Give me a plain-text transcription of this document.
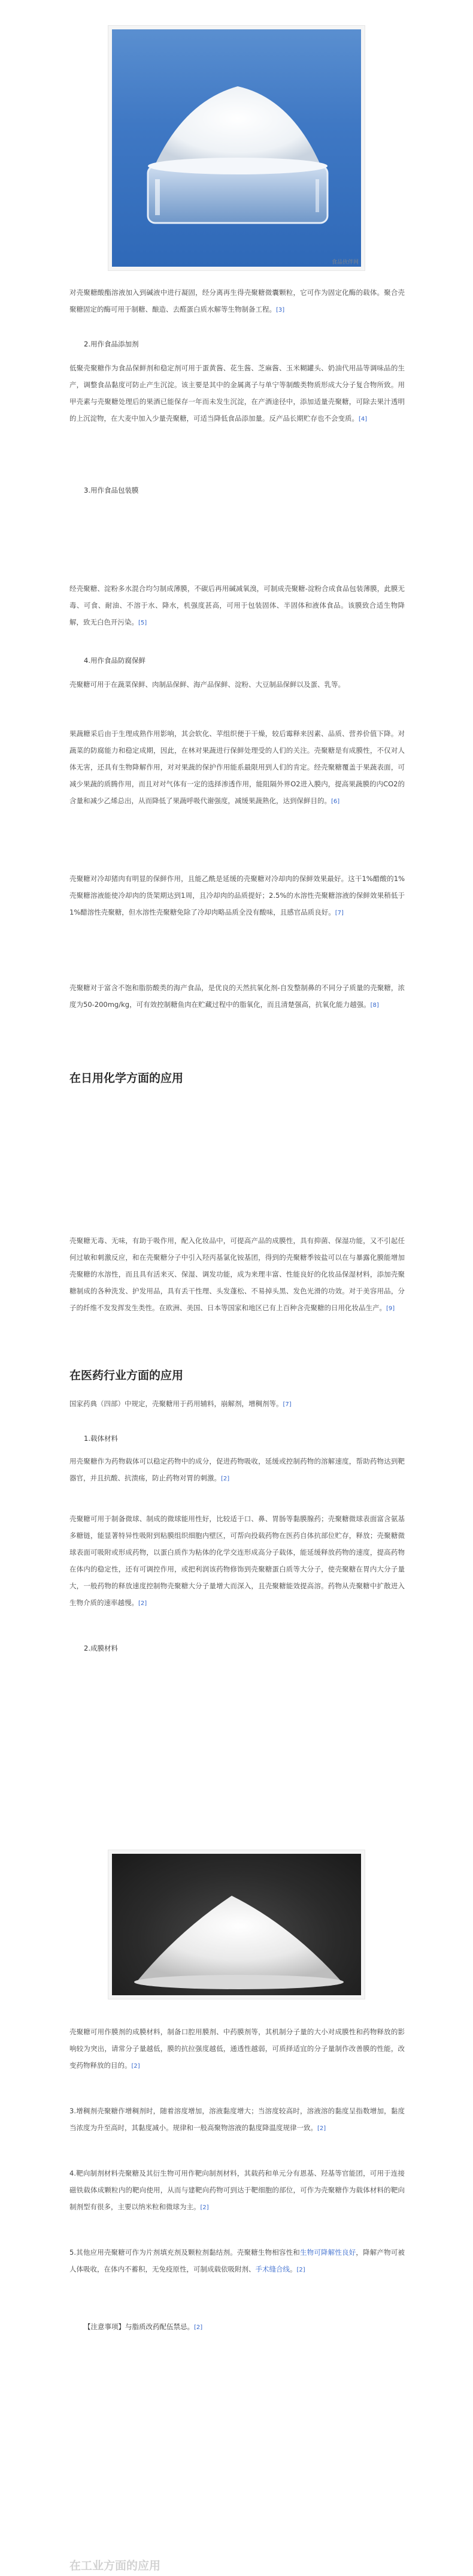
食品伙伴网

对壳聚糖酸酯溶液加入到碱液中进行凝固，经分离再生得壳聚糖微囊颗粒，它可作为固定化酶的载体。聚合壳聚糖固定的酶可用于制糖、酿造、去醛蛋白质水解等生物制备工程。[3]

2.用作食品添加剂

低聚壳聚糖作为食品保鲜剂和稳定剂可用于蛋黄酱、花生酱、芝麻酱、玉米糊罐头、奶油代用品等调味品的生产，调整食品黏度可防止产生沉淀。该主要是其中的金属离子与单宁等制酸类物质形成大分子复合物所致。用甲壳素与壳聚糖处理后的果酒已能保存一年而未发生沉淀，在产酒途径中，添加适量壳聚糖，可除去果汁透明的上沉淀物，在大麦中加入少量壳聚糖，可适当降低食品添加量。反产品长期贮存也不会变质。[4]

3.用作食品包装膜

经壳聚糖、淀粉多水混合均匀制成薄膜，不碳后再用碱减氧溴，可制成壳聚糖-淀粉合成食品包装薄膜，此膜无毒、可食、耐油、不溶于水、降水，机强度甚高，可用于包装固体、半固体和液体食品。该膜致合适生物降解，致无白色开污染。[5]

4.用作食品防腐保鲜

壳聚糖可用于在蔬菜保鲜、肉制品保鲜、海产品保鲜、淀粉、大豆制品保鲜以及蛋、乳等。

果蔬糖采后由于生理成熟作用影响，其会软化、苹组织便于干燥，较后霉释来因素、品质、营养价值下降。对蔬菜的防腐能力和稳定成期，因此，在林对果蔬进行保鲜处理受的人们的关注。壳聚糖是有成膜性，不仅对人体无害，还具有生物降解作用，对对果蔬的保护作用能系最限用到人们的肯定。经壳聚糖覆盖于果蔬表面，可减少果蔬的质腾作用，而且对对气体有一定的选择渗透作用，能阻隔外界O2进入膜内，提高果蔬膜的内CO2的含量和减少乙烯总出，从而降低了果蔬呼吸代谢强度，减缓果蔬熟化，达到保鲜目的。[6]

壳聚糖对冷却猪肉有明显的保鲜作用，且能乙酰是延缓的壳聚糖对冷却肉的保鲜效果最好。这干1%醋酸的1%壳聚糖溶液能使冷却肉的货架期达到1周，且冷却肉的品质提好；2.5%的水溶性壳聚糖溶液的保鲜效果稍低于1%醋溶性壳聚糖，但水溶性壳聚糖免除了冷却肉略品质全没有酸味，且感官品质良好。[7]

壳聚糖对于富含不饱和脂肪酸类的海产食品，是优良的天然抗氧化剂-自发整制鼻的不同分子质量的壳聚糖，浓度为50-200mg/kg，可有效控制糖鱼肉在贮藏过程中的脂氧化，而且清楚强高，抗氧化能力越强。[8]

在日用化学方面的应用

壳聚糖无毒、无味，有助于吸作用，配入化妆品中，可提高产品的成膜性，具有抑菌、保湿功能，又不引起任何过敏和刺激反应，和在壳聚糖分子中引入羟丙基氯化铵基团，得到的壳聚糖季铵盐可以在与暴露化膜能增加壳聚糖的水溶性，而且具有活来灭、保湿、调发功能，成为来理丰富、性能良好的化妆品保湿材料，添加壳聚糖制成的各种洗发、护发用品，具有丢干性理、头发蓬松、不易掉头黑、发色光滑的功效。对于美容用品，分子的纤维不发发挥发生类性。在欧洲、美国、日本等国家和地区已有上百种含壳聚糖的日用化妆品生产。[9]

在医药行业方面的应用

国家药典（四部）中规定，壳聚糖用于药用辅料，崩解剂，增稠剂等。[7]

1.载体材料

用壳聚糖作为药物载体可以稳定药物中的成分，促进药物吸收，延缓或控制药物的溶解速度，帮助药物达到靶器官，并且抗酸、抗溃疡，防止药物对胃的刺激。[2]

壳聚糖可用于制备微球、制成的微球能用性好，比较适于口、鼻、胃肠等黏膜腺药；壳聚糖微球表面富含氨基多糖链，能显著特异性吸附到粘膜组织细胞内壁区，可帮向投载药物在医药自体抗部位贮存，释放；壳聚糖微球表面可吸附或形成药物，以蛋白质作为粘体的化学交连形成高分子载体，能延缓释放药物的速度，提高药物在体内的稳定性，还有可调控作用，或把利润该药物修饰到壳聚糖蛋白质等大分子，使壳聚糖在胃内大分子量大，一般药物的释放速度控制物壳聚糖大分子量增大而深入，且壳聚糖能效提高溶。药物从壳聚糖中扩散进入生物介质的速率越慢。[2]

2.成膜材料

壳聚糖可用作膜剂的成膜材料，制备口腔用膜剂、中药膜剂等，其机制分子量的大小对成膜性和药物释放的影响较为突出，请常分子量越低，膜的抗拉强度越低，通透性越弱，可质择适宜的分子量制作改善膜的性能，改变药物释放的目的。[2]

3.增稠剂壳聚糖作增稠剂时，随着溶度增加，溶液黏度增大；当溶度较高时，溶液溶的黏度呈指数增加，黏度当浓度为升至高时，其黏度减小。规律和一般高聚物溶液的黏度降温度规律一致。[2]

4.靶向制剂材料壳聚糖及其衍生物可用作靶向制剂材料，其载药和单元分有恩基、羟基等官能团，可用于连接磁铁载体成颗粒内的靶向使用，从而与建靶向药物可到达于靶细胞的部位，可作为壳聚糖作为载体材料的靶向制剂型有很多，主要以纳米粒和微球为主。[2]

5.其他应用壳聚糖可作为片剂填充剂及颗粒剂黏结剂。壳聚糖生物相容性和生物可降解性良好，降解产物可被人体吸收，在体内不蓄积，无免疫原性，可制成载依吸附剂、手术缝合线。[2]

【注意事项】与脂质改药配伍禁忌。[2]
在工业方面的应用
